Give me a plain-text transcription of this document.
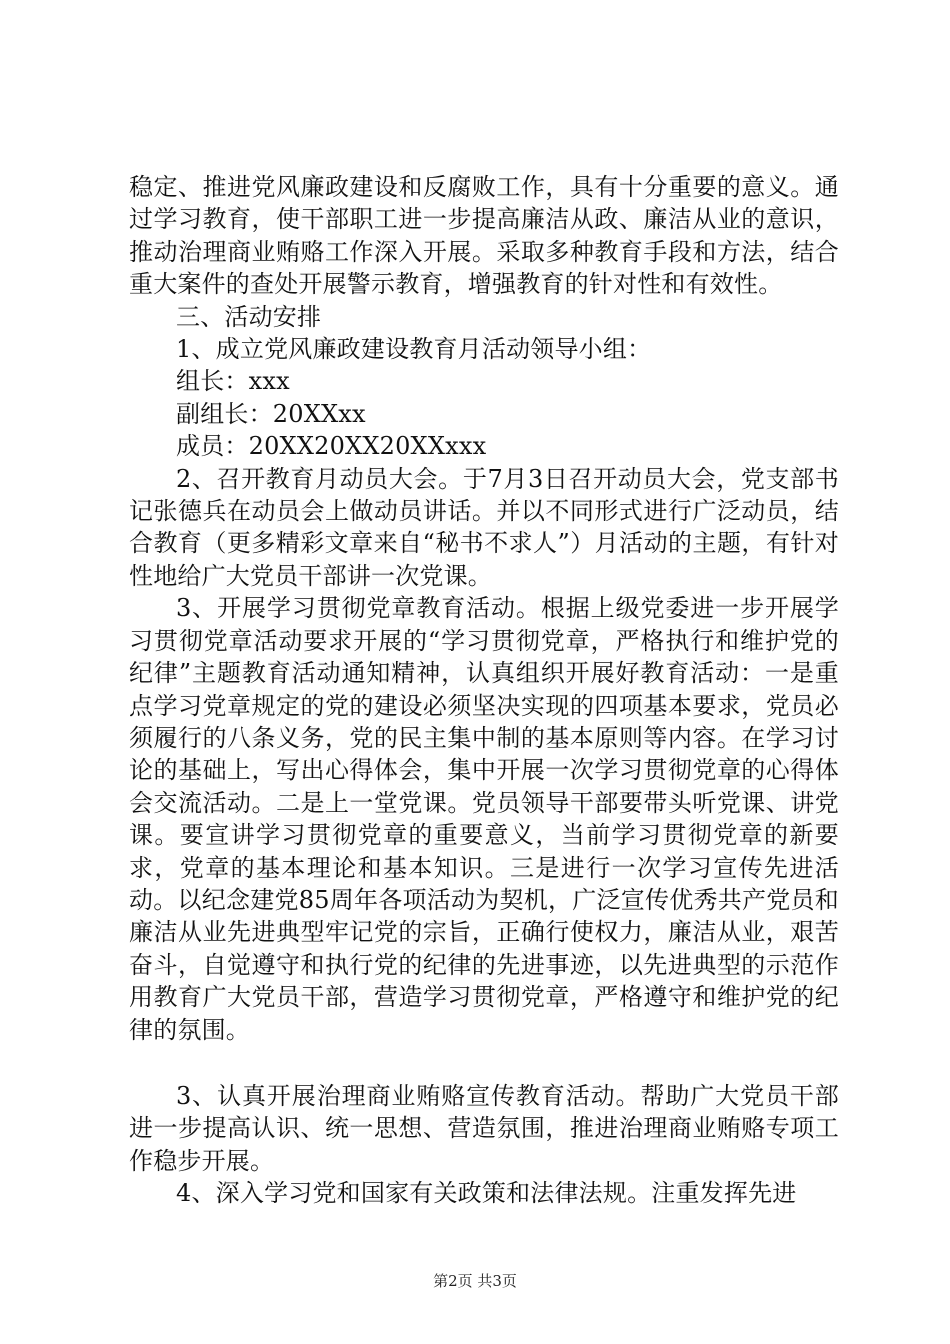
稳定、推进党风廉政建设和反腐败工作，具有十分重要的意义。通过学习教育，使干部职工进一步提高廉洁从政、廉洁从业的意识，推动治理商业贿赂工作深入开展。采取多种教育手段和方法，结合重大案件的查处开展警示教育，增强教育的针对性和有效性。

三、活动安排

1、成立党风廉政建设教育月活动领导小组：

组长：xxx

副组长：20XXxx

成员：20XX20XX20XXxxx

2、召开教育月动员大会。于7月3日召开动员大会，党支部书记张德兵在动员会上做动员讲话。并以不同形式进行广泛动员，结合教育（更多精彩文章来自“秘书不求人”）月活动的主题，有针对性地给广大党员干部讲一次党课。

3、开展学习贯彻党章教育活动。根据上级党委进一步开展学习贯彻党章活动要求开展的“学习贯彻党章，严格执行和维护党的纪律”主题教育活动通知精神，认真组织开展好教育活动：一是重点学习党章规定的党的建设必须坚决实现的四项基本要求，党员必须履行的八条义务，党的民主集中制的基本原则等内容。在学习讨论的基础上，写出心得体会，集中开展一次学习贯彻党章的心得体会交流活动。二是上一堂党课。党员领导干部要带头听党课、讲党课。要宣讲学习贯彻党章的重要意义，当前学习贯彻党章的新要求，党章的基本理论和基本知识。三是进行一次学习宣传先进活动。以纪念建党85周年各项活动为契机，广泛宣传优秀共产党员和廉洁从业先进典型牢记党的宗旨，正确行使权力，廉洁从业，艰苦奋斗，自觉遵守和执行党的纪律的先进事迹，以先进典型的示范作用教育广大党员干部，营造学习贯彻党章，严格遵守和维护党的纪律的氛围。

3、认真开展治理商业贿赂宣传教育活动。帮助广大党员干部进一步提高认识、统一思想、营造氛围，推进治理商业贿赂专项工作稳步开展。

4、深入学习党和国家有关政策和法律法规。注重发挥先进

第2页 共3页
